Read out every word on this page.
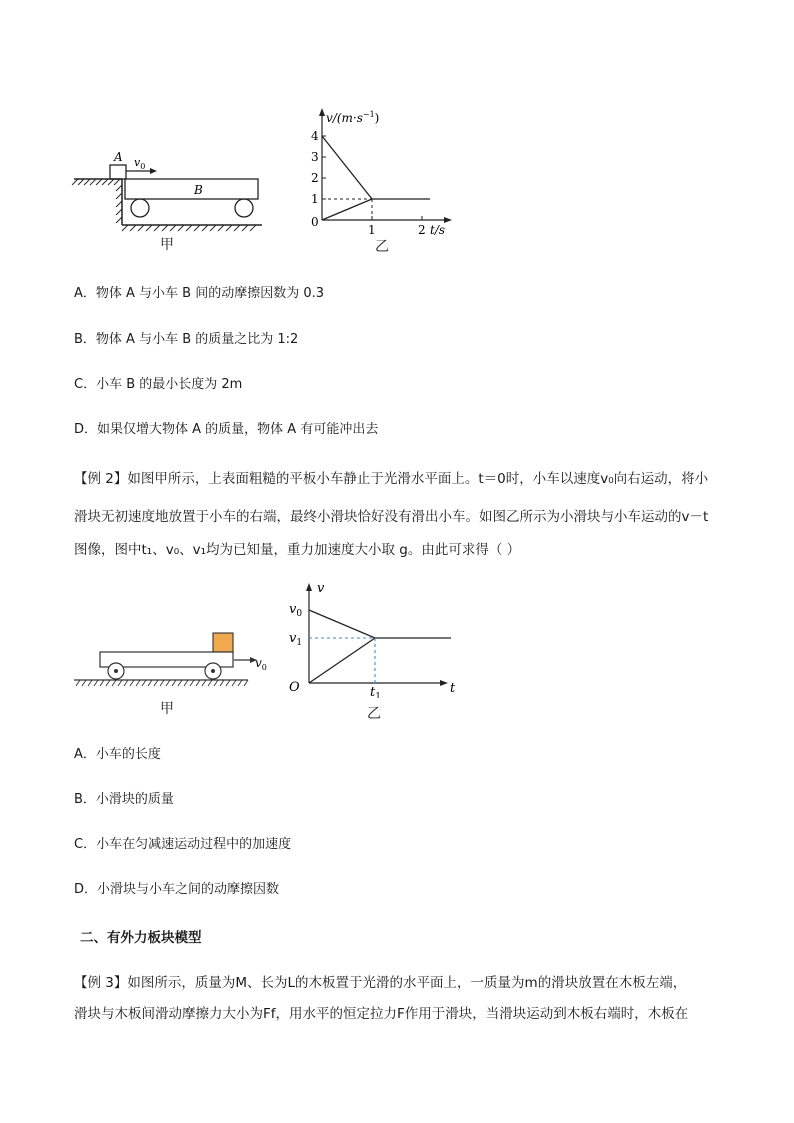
A
B
$v_0$
甲
$v/(m\cdot s^{-1})$
4
3
2
1
0
1	2 t/s
乙
A．物体 A 与小车 B 间的动摩擦因数为 0.3
B．物体 A 与小车 B 的质量之比为 1:2
C．小车 B 的最小长度为 2m
D．如果仅增大物体 A 的质量，物体 A 有可能冲出去
【例 2】如图甲所示，上表面粗糙的平板小车静止于光滑水平面上。t＝0时，小车以速度v₀向右运动，将小
滑块无初速度地放置于小车的右端，最终小滑块恰好没有滑出小车。如图乙所示为小滑块与小车运动的v－t
图像，图中t₁、v₀、v₁均为已知量，重力加速度大小取 g。由此可求得（ ）
$v_0$
甲
v
$v_0$
$v_1$
O	$t_1$
t
乙
A．小车的长度
B．小滑块的质量
C．小车在匀减速运动过程中的加速度
D．小滑块与小车之间的动摩擦因数
二、有外力板块模型
【例 3】如图所示，质量为M、长为L的木板置于光滑的水平面上，一质量为m的滑块放置在木板左端，
滑块与木板间滑动摩擦力大小为Ff，用水平的恒定拉力F作用于滑块，当滑块运动到木板右端时，木板在
